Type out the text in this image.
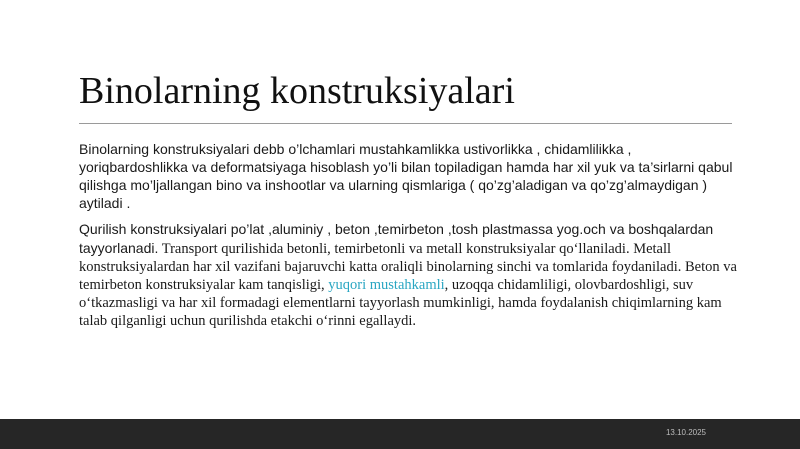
Binolarning konstruksiyalari

Binolarning konstruksiyalari debb o’lchamlari mustahkamlikka ustivorlikka , chidamlilikka , yoriqbardoshlikka va deformatsiyaga hisoblash yo’li bilan topiladigan hamda har xil yuk va ta’sirlarni qabul qilishga mo’ljallangan bino va inshootlar va ularning qismlariga ( qo’zg’aladigan va qo’zg’almaydigan ) aytiladi .

Qurilish konstruksiyalari po’lat ,aluminiy , beton ,temirbeton ,tosh plastmassa yog.och va boshqalardan tayyorlanadi. Transport qurilishida betonli, temirbetonli va metall konstruksiyalar qo‘llaniladi. Metall konstruksiyalardan har xil vazifani bajaruvchi katta oraliqli binolarning sinchi va tomlarida foydaniladi. Beton va temirbeton konstruksiyalar kam tanqisligi, yuqori mustahkamli, uzoqqa chidamliligi, olovbardoshligi, suv o‘tkazmasligi va har xil formadagi elementlarni tayyorlash mumkinligi, hamda foydalanish chiqimlarning kam talab qilganligi uchun qurilishda etakchi o‘rinni egallaydi.

13.10.2025
